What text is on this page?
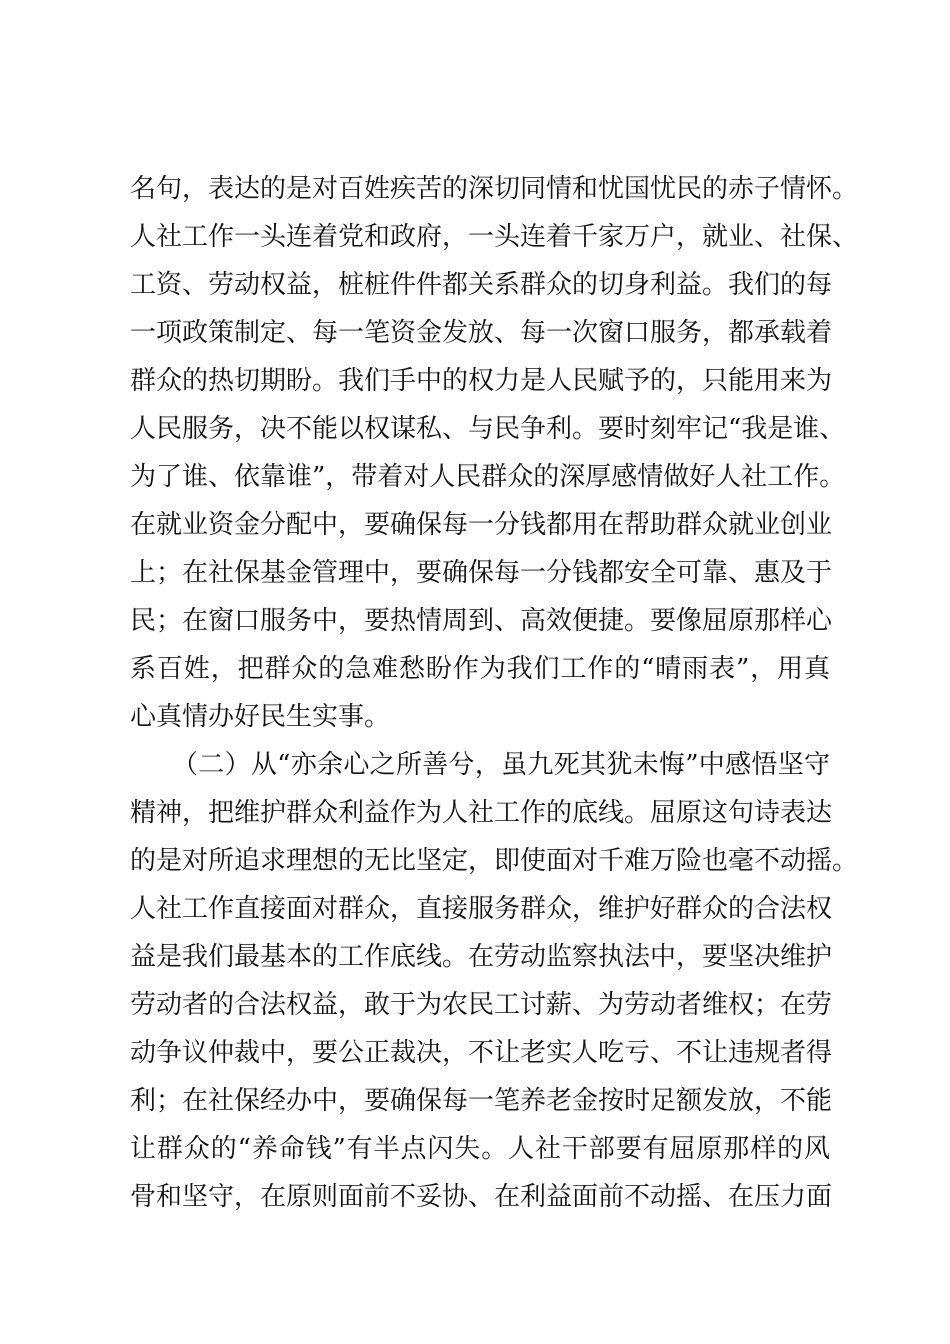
名句，表达的是对百姓疾苦的深切同情和忧国忧民的赤子情怀。
人社工作一头连着党和政府，一头连着千家万户，就业、社保、
工资、劳动权益，桩桩件件都关系群众的切身利益。我们的每
一项政策制定、每一笔资金发放、每一次窗口服务，都承载着
群众的热切期盼。我们手中的权力是人民赋予的，只能用来为
人民服务，决不能以权谋私、与民争利。要时刻牢记“我是谁、
为了谁、依靠谁”，带着对人民群众的深厚感情做好人社工作。
在就业资金分配中，要确保每一分钱都用在帮助群众就业创业
上；在社保基金管理中，要确保每一分钱都安全可靠、惠及于
民；在窗口服务中，要热情周到、高效便捷。要像屈原那样心
系百姓，把群众的急难愁盼作为我们工作的“晴雨表”，用真
心真情办好民生实事。
（二）从“亦余心之所善兮，虽九死其犹未悔”中感悟坚守
精神，把维护群众利益作为人社工作的底线。屈原这句诗表达
的是对所追求理想的无比坚定，即使面对千难万险也毫不动摇。
人社工作直接面对群众，直接服务群众，维护好群众的合法权
益是我们最基本的工作底线。在劳动监察执法中，要坚决维护
劳动者的合法权益，敢于为农民工讨薪、为劳动者维权；在劳
动争议仲裁中，要公正裁决，不让老实人吃亏、不让违规者得
利；在社保经办中，要确保每一笔养老金按时足额发放，不能
让群众的“养命钱”有半点闪失。人社干部要有屈原那样的风
骨和坚守，在原则面前不妥协、在利益面前不动摇、在压力面
